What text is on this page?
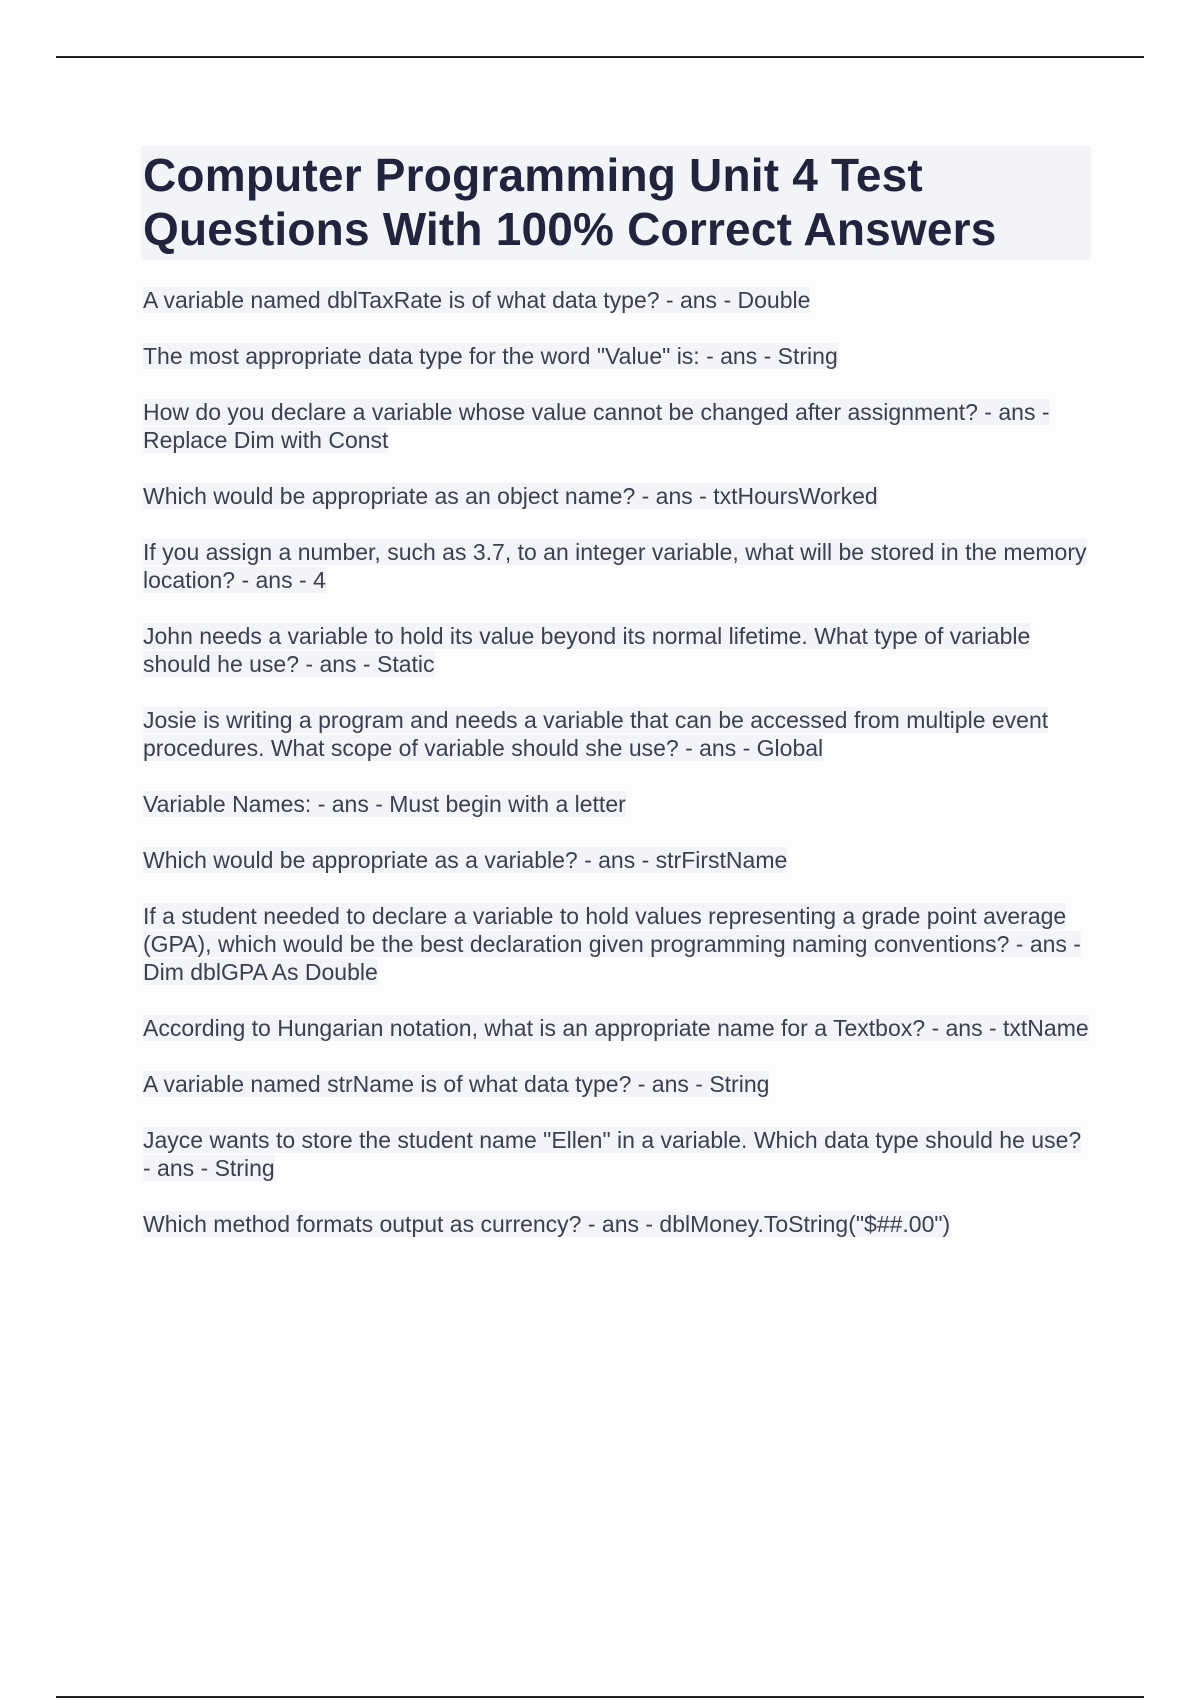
Computer Programming Unit 4 Test Questions With 100% Correct Answers
A variable named dblTaxRate is of what data type? - ans - Double
The most appropriate data type for the word "Value" is: - ans - String
How do you declare a variable whose value cannot be changed after assignment? - ans - Replace Dim with Const
Which would be appropriate as an object name? - ans - txtHoursWorked
If you assign a number, such as 3.7, to an integer variable, what will be stored in the memory location? - ans - 4
John needs a variable to hold its value beyond its normal lifetime. What type of variable should he use? - ans - Static
Josie is writing a program and needs a variable that can be accessed from multiple event procedures. What scope of variable should she use? - ans - Global
Variable Names: - ans - Must begin with a letter
Which would be appropriate as a variable? - ans - strFirstName
If a student needed to declare a variable to hold values representing a grade point average (GPA), which would be the best declaration given programming naming conventions? - ans - Dim dblGPA As Double
According to Hungarian notation, what is an appropriate name for a Textbox? - ans - txtName
A variable named strName is of what data type? - ans - String
Jayce wants to store the student name "Ellen" in a variable. Which data type should he use? - ans - String
Which method formats output as currency? - ans - dblMoney.ToString("$##.00")
